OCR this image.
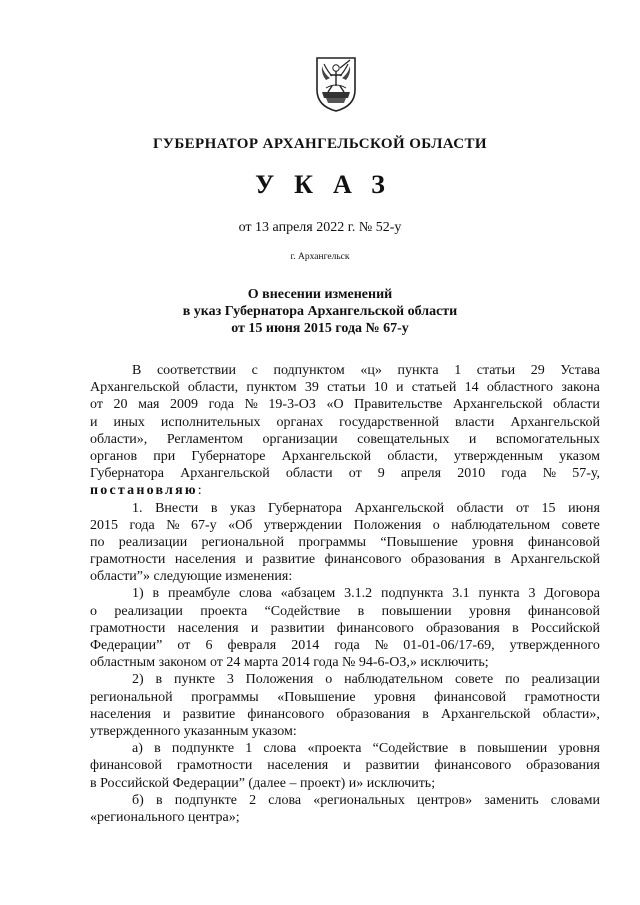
ГУБЕРНАТОР АРХАНГЕЛЬСКОЙ ОБЛАСТИ
УКАЗ
от 13 апреля 2022 г. № 52-у
г. Архангельск
О внесении изменений
в указ Губернатора Архангельской области
от 15 июня 2015 года № 67-у
В соответствии с подпунктом «ц» пункта 1 статьи 29 Устава
Архангельской области, пунктом 39 статьи 10 и статьей 14 областного закона
от 20 мая 2009 года № 19-3-ОЗ «О Правительстве Архангельской области
и иных исполнительных органах государственной власти Архангельской
области», Регламентом организации совещательных и вспомогательных
органов при Губернаторе Архангельской области, утвержденным указом
Губернатора Архангельской области от 9 апреля 2010 года № 57-у,
постановляю :
1. Внести в указ Губернатора Архангельской области от 15 июня
2015 года № 67-у «Об утверждении Положения о наблюдательном совете
по реализации региональной программы “Повышение уровня финансовой
грамотности населения и развитие финансового образования в Архангельской
области”» следующие изменения:
1) в преамбуле слова «абзацем 3.1.2 подпункта 3.1 пункта 3 Договора
о реализации проекта “Содействие в повышении уровня финансовой
грамотности населения и развитии финансового образования в Российской
Федерации” от 6 февраля 2014 года № 01-01-06/17-69, утвержденного
областным законом от 24 марта 2014 года № 94-6-ОЗ,» исключить;
2) в пункте 3 Положения о наблюдательном совете по реализации
региональной программы «Повышение уровня финансовой грамотности
населения и развитие финансового образования в Архангельской области»,
утвержденного указанным указом:
а) в подпункте 1 слова «проекта “Содействие в повышении уровня
финансовой грамотности населения и развитии финансового образования
в Российской Федерации” (далее – проект) и» исключить;
б) в подпункте 2 слова «региональных центров» заменить словами
«регионального центра»;
